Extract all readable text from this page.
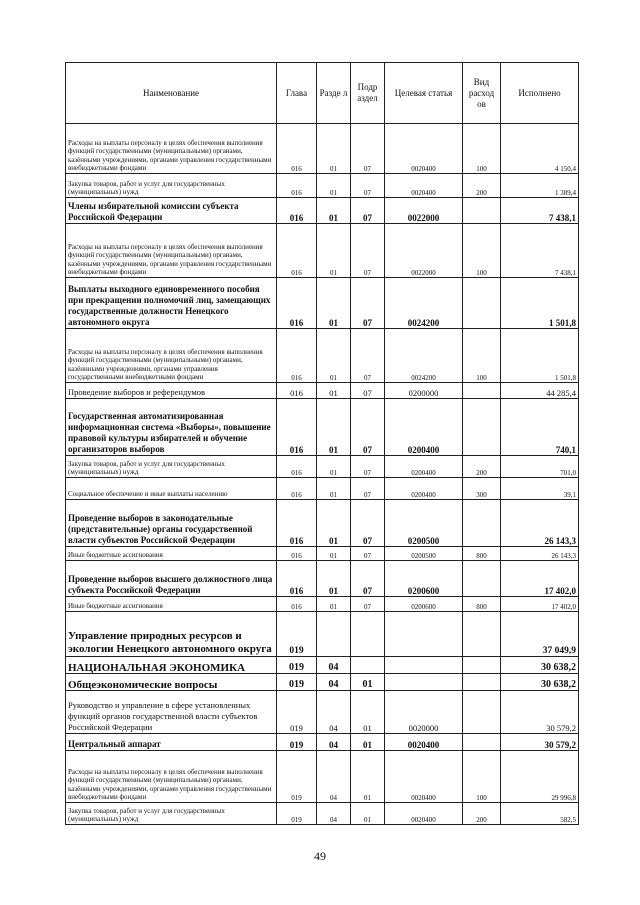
Наименование	Глава	Разде л	Подр аздел	Целевая статья	Вид расход ов	Исполнено
Расходы на выплаты персоналу в целях обеспечения выполнения функций государственными (муниципальными) органами, казёнными учреждениями, органами управления государственными внебюджетными фондами	016	01	07	0020400	100	4 150,4
Закупка товаров, работ и услуг для государственных (муниципальных) нужд	016	01	07	0020400	200	1 389,4
Члены избирательной комиссии субъекта Российской Федерации	016	01	07	0022000		7 438,1
Расходы на выплаты персоналу в целях обеспечения выполнения функций государственными (муниципальными) органами, казёнными учреждениями, органами управления государственными внебюджетными фондами	016	01	07	0022000	100	7 438,1
Выплаты выходного единовременного пособия при прекращении полномочий лиц, замещающих государственные должности Ненецкого автономного округа	016	01	07	0024200		1 501,8
Расходы на выплаты персоналу в целях обеспечения выполнения функций государственными (муниципальными) органами, казённными учреждениями, органами управления государственными внебюджетными фондами	016	01	07	0024200	100	1 501,8
Проведение выборов и референдумов	016	01	07	0200000		44 285,4
Государственная автоматизированная информационная система «Выборы», повышение правовой культуры избирателей и обучение организаторов выборов	016	01	07	0200400		740,1
Закупка товаров, работ и услуг для государственных (муниципальных) нужд	016	01	07	0200400	200	701,0
Социальное обеспечение и иные выплаты населению	016	01	07	0200400	300	39,1
Проведение выборов в законодательные (представительные) органы государственной власти субъектов Российской Федерации	016	01	07	0200500		26 143,3
Иные бюджетные ассигнования	016	01	07	0200500	800	26 143,3
Проведение выборов высшего должностного лица субъекта Российской Федерации	016	01	07	0200600		17 402,0
Иные бюджетные ассигнования	016	01	07	0200600	800	17 402,0
Управление природных ресурсов и экологии Ненецкого автономного округа	019					37 049,9
НАЦИОНАЛЬНАЯ ЭКОНОМИКА	019	04				30 638,2
Общеэкономические вопросы	019	04	01			30 638,2
Руководство и управление в сфере установленных функций органов государственной власти субъектов Российской Федерации	019	04	01	0020000		30 579,2
Центральный аппарат	019	04	01	0020400		30 579,2
Расходы на выплаты персоналу в целях обеспечения выполнения функций государственными (муниципальными) органами, казёнными учреждениями, органами управления государственными внебюджетными фондами	019	04	01	0020400	100	29 996,8
Закупка товаров, работ и услуг для государственных (муниципальных) нужд	019	04	01	0020400	200	582,5
49
